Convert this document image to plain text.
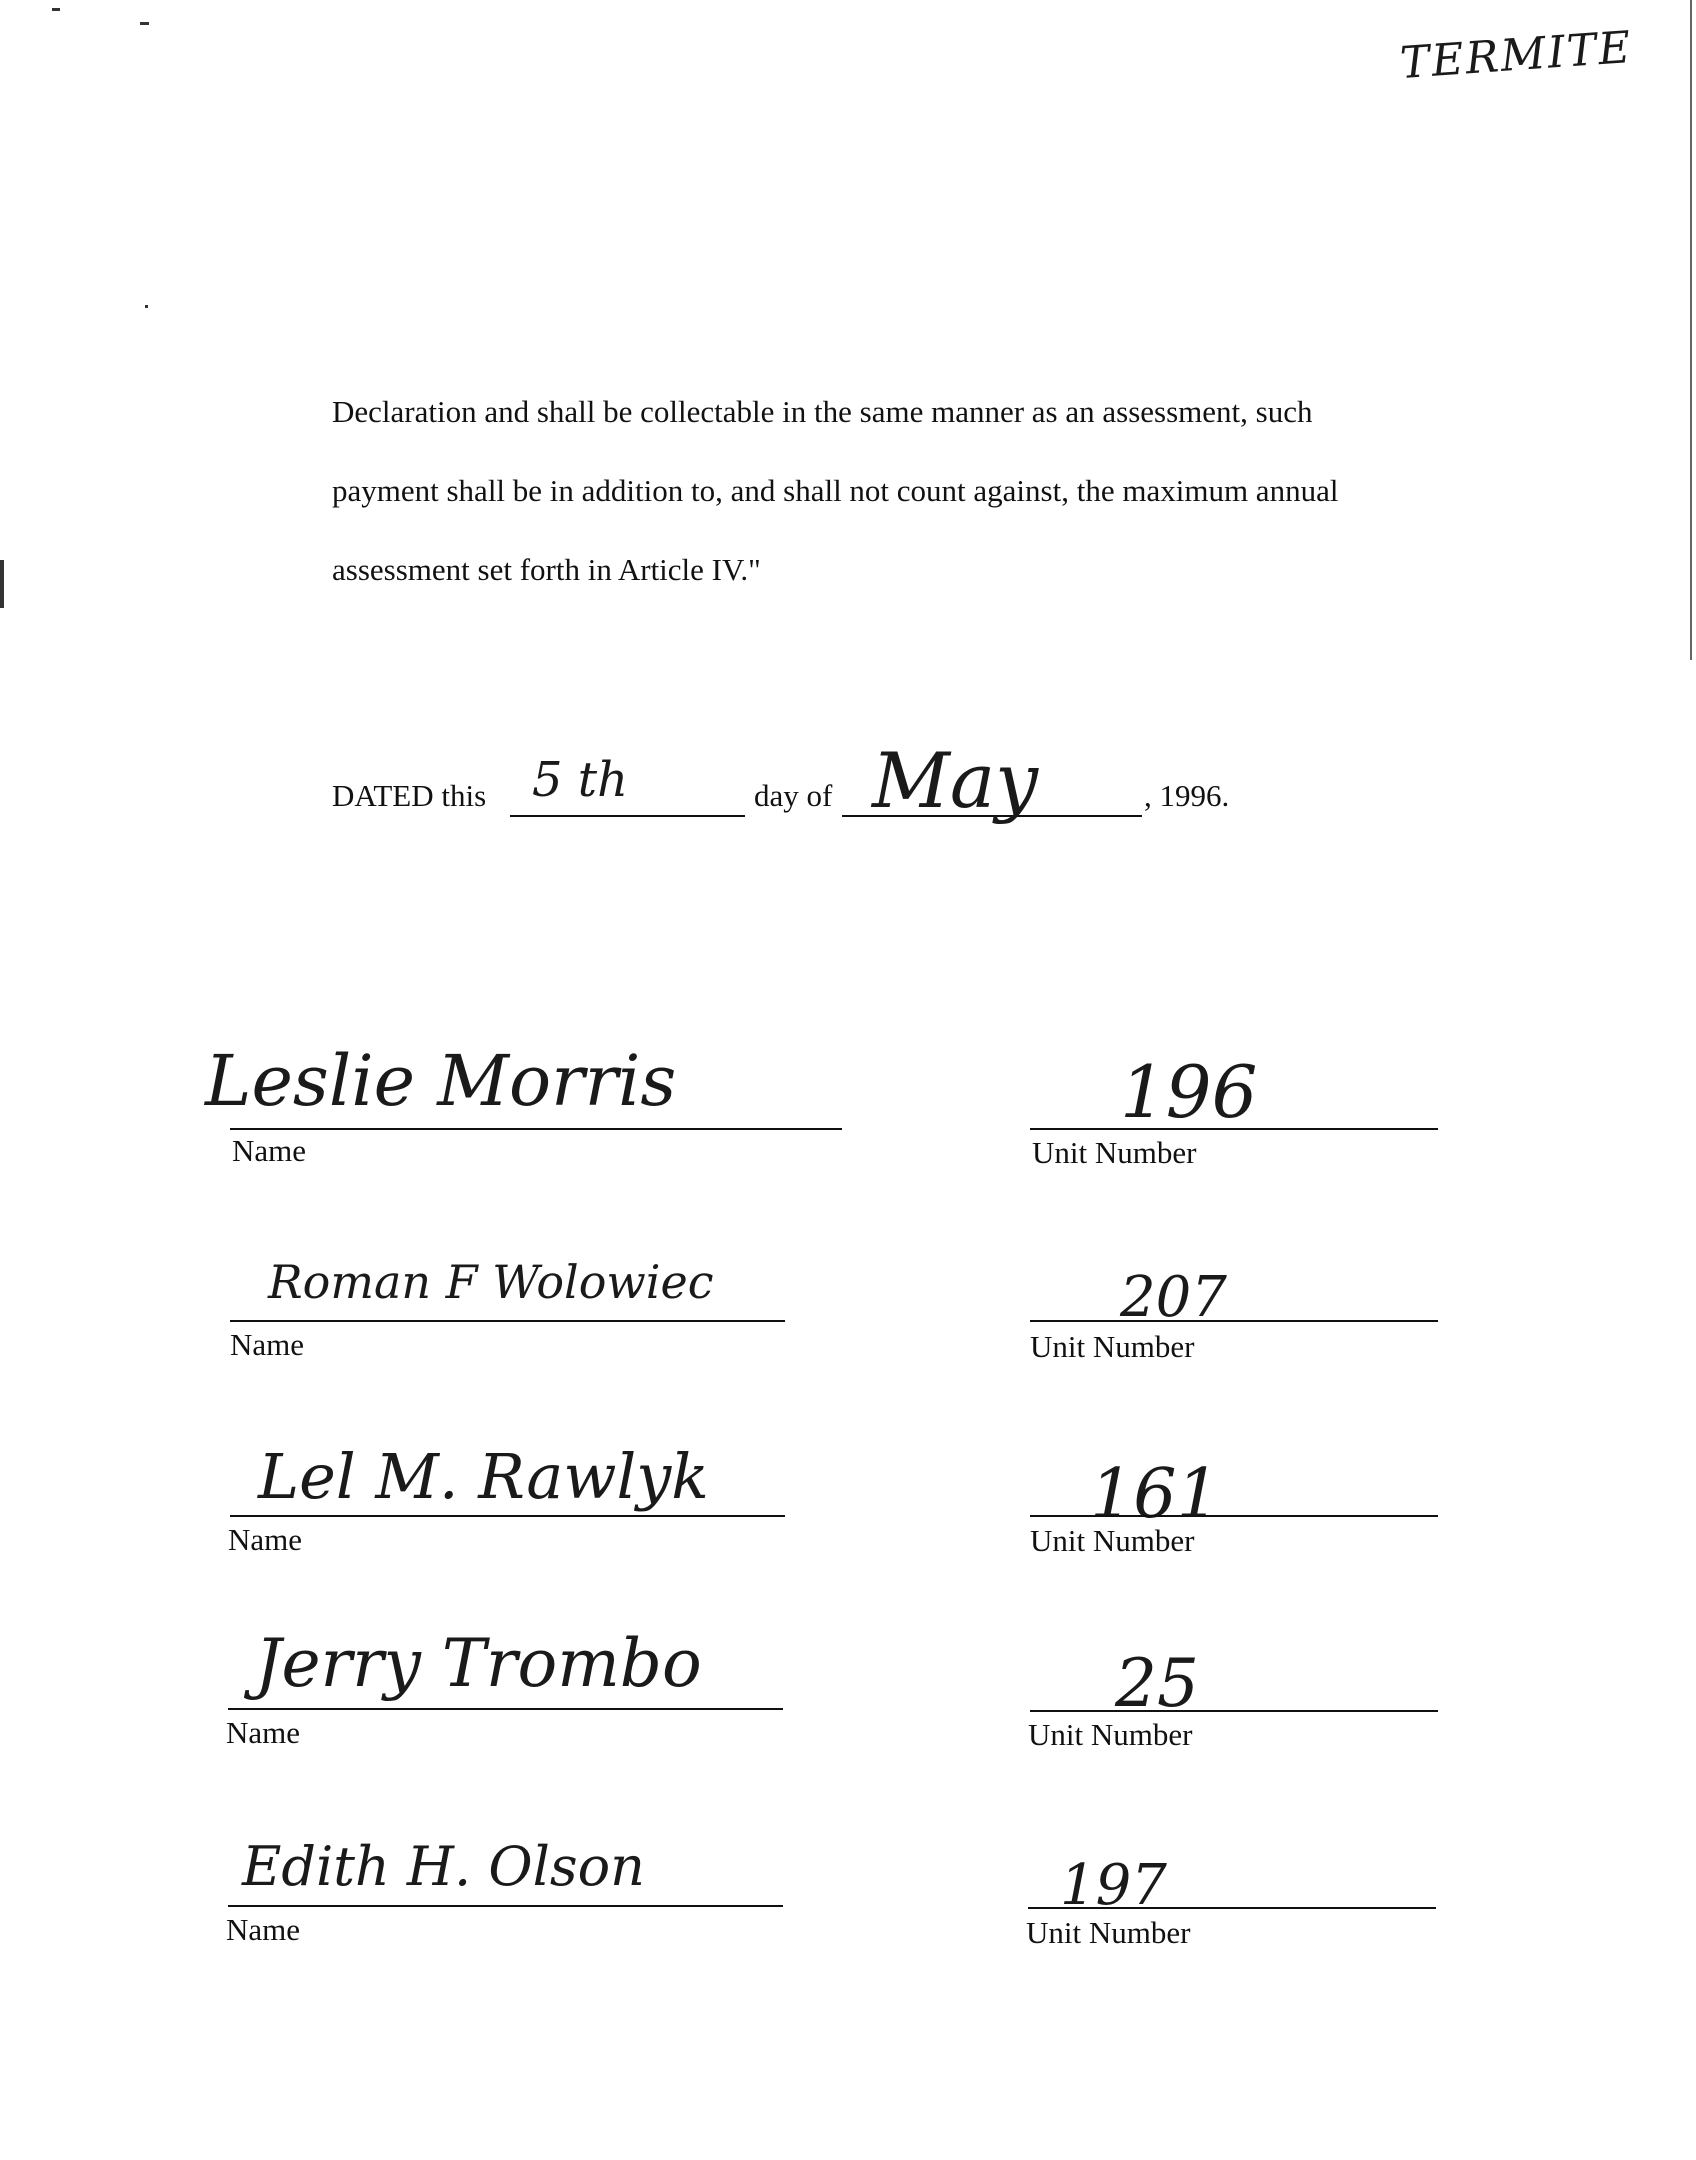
TERMITE

Declaration and shall be collectable in the same manner as an assessment, such
payment shall be in addition to, and shall not count against, the maximum annual
assessment set forth in Article IV."

DATED this 5 th	day of May	, 1996.
Leslie Morris
Name
196
Unit Number
Roman F Wolowiec
Name
207
Unit Number
Lel M. Rawlyk
Name
161
Unit Number
Jerry Trombo
Name
25
Unit Number
Edith H. Olson
Name
197
Unit Number
